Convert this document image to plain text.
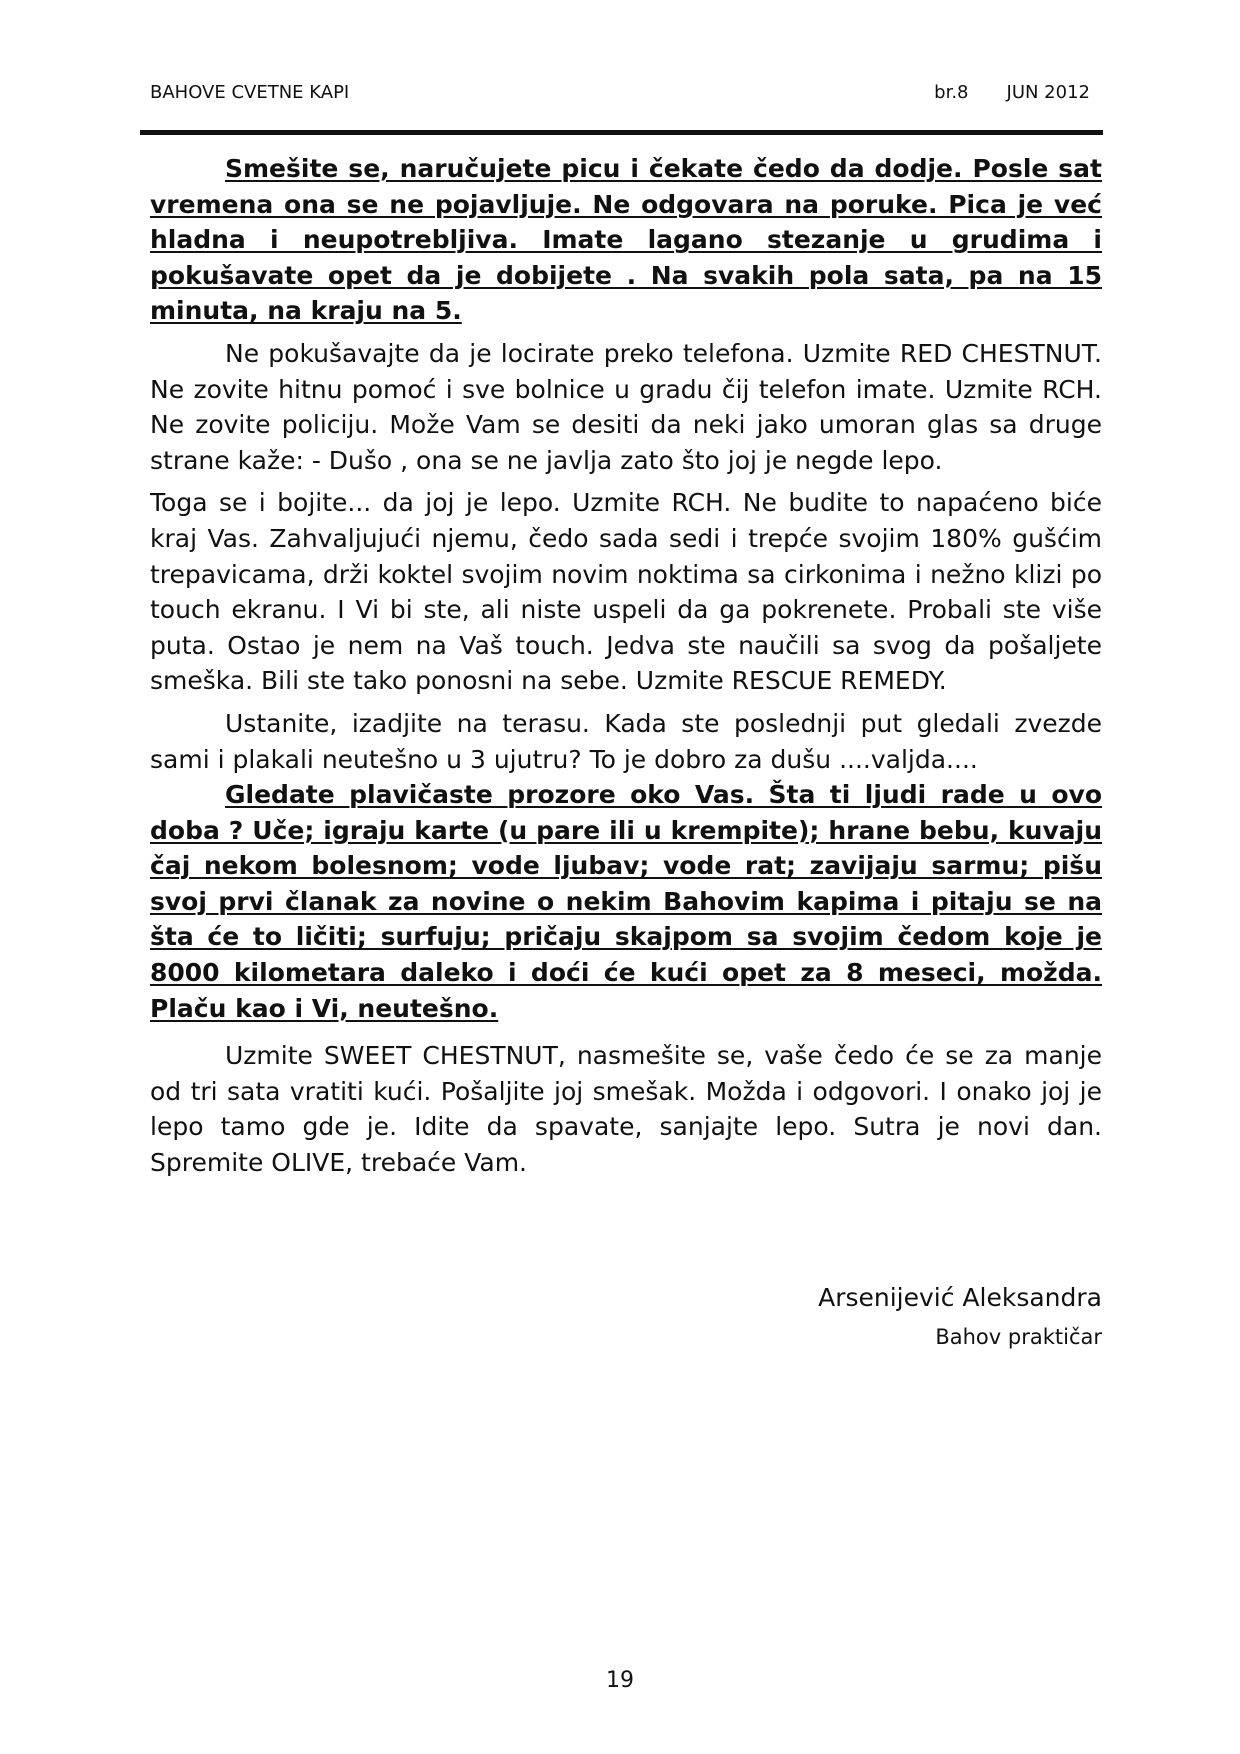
BAHOVE CVETNE KAPI	br.8 JUN 2012

Smešite se, naručujete picu i čekate čedo da dodje. Posle sat vremena ona se ne pojavljuje. Ne odgovara na poruke. Pica je već hladna i neupotrebljiva. Imate lagano stezanje u grudima i pokušavate opet da je dobijete . Na svakih pola sata, pa na 15 minuta, na kraju na 5.

Ne pokušavajte da je locirate preko telefona. Uzmite RED CHESTNUT. Ne zovite hitnu pomoć i sve bolnice u gradu čij telefon imate. Uzmite RCH. Ne zovite policiju. Može Vam se desiti da neki jako umoran glas sa druge strane kaže: - Dušo , ona se ne javlja zato što joj je negde lepo.

Toga se i bojite... da joj je lepo. Uzmite RCH. Ne budite to napaćeno biće kraj Vas. Zahvaljujući njemu, čedo sada sedi i trepće svojim 180% gušćim trepavicama, drži koktel svojim novim noktima sa cirkonima i nežno klizi po touch ekranu. I Vi bi ste, ali niste uspeli da ga pokrenete. Probali ste više puta. Ostao je nem na Vaš touch. Jedva ste naučili sa svog da pošaljete smeška. Bili ste tako ponosni na sebe. Uzmite RESCUE REMEDY.

Ustanite, izadjite na terasu. Kada ste poslednji put gledali zvezde sami i plakali neutešno u 3 ujutru? To je dobro za dušu ....valjda....

Gledate plavičaste prozore oko Vas. Šta ti ljudi rade u ovo doba ? Uče; igraju karte (u pare ili u krempite); hrane bebu, kuvaju čaj nekom bolesnom; vode ljubav; vode rat; zavijaju sarmu; pišu svoj prvi članak za novine o nekim Bahovim kapima i pitaju se na šta će to ličiti; surfuju; pričaju skajpom sa svojim čedom koje je 8000 kilometara daleko i doći će kući opet za 8 meseci, možda. Plaču kao i Vi, neutešno.

Uzmite SWEET CHESTNUT, nasmešite se, vaše čedo će se za manje od tri sata vratiti kući. Pošaljite joj smešak. Možda i odgovori. I onako joj je lepo tamo gde je. Idite da spavate, sanjajte lepo. Sutra je novi dan. Spremite OLIVE, trebaće Vam.

Arsenijević Aleksandra
Bahov praktičar
19
